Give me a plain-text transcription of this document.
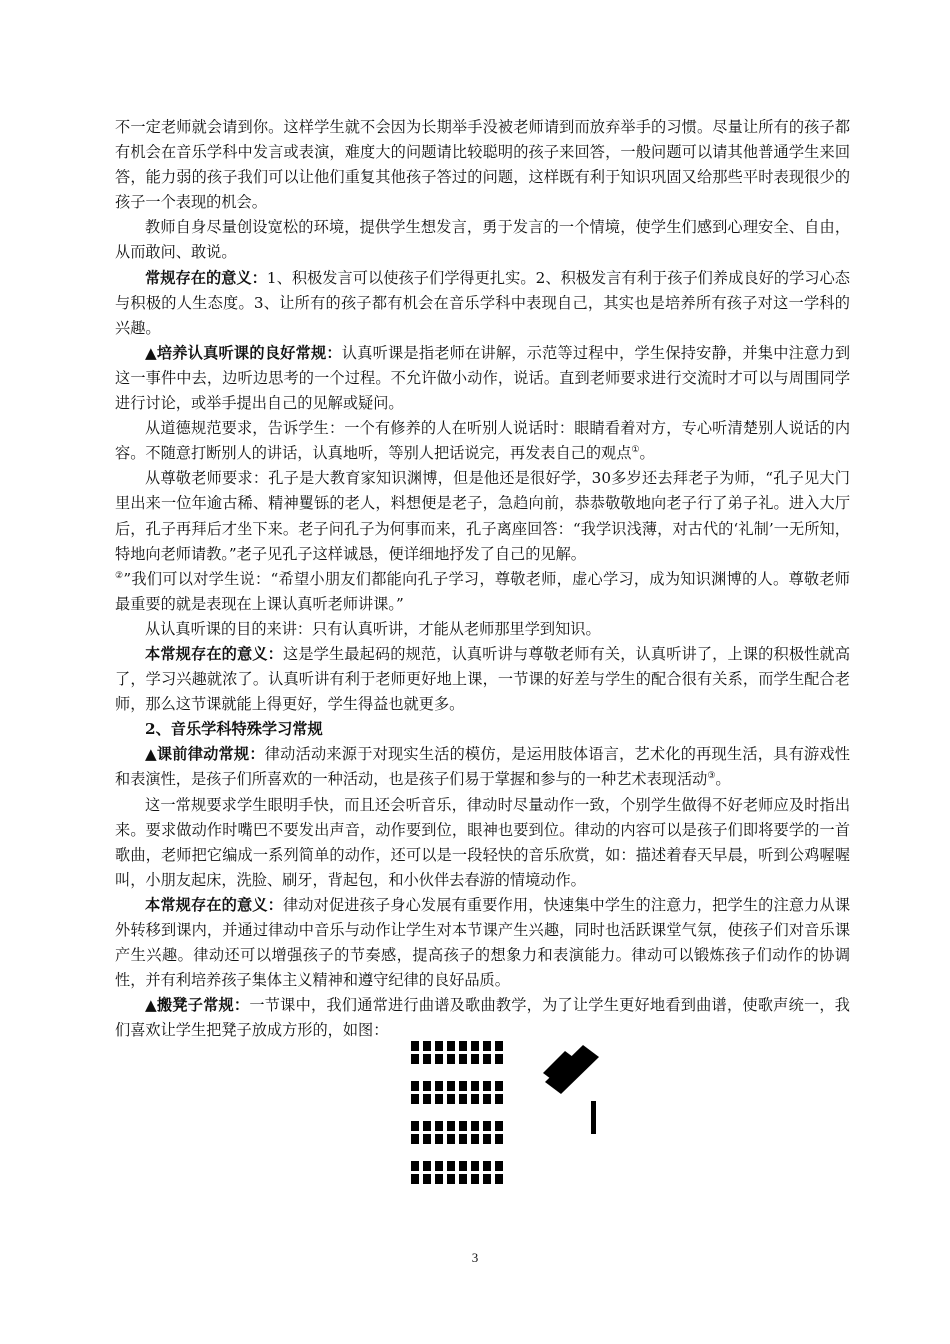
不一定老师就会请到你。这样学生就不会因为长期举手没被老师请到而放弃举手的习惯。尽量让所有的孩子都有机会在音乐学科中发言或表演，难度大的问题请比较聪明的孩子来回答，一般问题可以请其他普通学生来回答，能力弱的孩子我们可以让他们重复其他孩子答过的问题，这样既有利于知识巩固又给那些平时表现很少的孩子一个表现的机会。

教师自身尽量创设宽松的环境，提供学生想发言，勇于发言的一个情境，使学生们感到心理安全、自由，从而敢问、敢说。

常规存在的意义：1、积极发言可以使孩子们学得更扎实。2、积极发言有利于孩子们养成良好的学习心态与积极的人生态度。3、让所有的孩子都有机会在音乐学科中表现自己，其实也是培养所有孩子对这一学科的兴趣。

▲培养认真听课的良好常规：认真听课是指老师在讲解，示范等过程中，学生保持安静，并集中注意力到这一事件中去，边听边思考的一个过程。不允许做小动作，说话。直到老师要求进行交流时才可以与周围同学进行讨论，或举手提出自己的见解或疑问。

从道德规范要求，告诉学生：一个有修养的人在听别人说话时：眼睛看着对方，专心听清楚别人说话的内容。不随意打断别人的讲话，认真地听，等别人把话说完，再发表自己的观点①。

从尊敬老师要求：孔子是大教育家知识渊博，但是他还是很好学，30多岁还去拜老子为师，“孔子见大门里出来一位年逾古稀、精神矍铄的老人，料想便是老子，急趋向前，恭恭敬敬地向老子行了弟子礼。进入大厅后，孔子再拜后才坐下来。老子问孔子为何事而来，孔子离座回答：“我学识浅薄，对古代的‘礼制’一无所知，特地向老师请教。”老子见孔子这样诚恳，便详细地抒发了自己的见解。
②”我们可以对学生说：“希望小朋友们都能向孔子学习，尊敬老师，虚心学习，成为知识渊博的人。尊敬老师最重要的就是表现在上课认真听老师讲课。”

从认真听课的目的来讲：只有认真听讲，才能从老师那里学到知识。

本常规存在的意义：这是学生最起码的规范，认真听讲与尊敬老师有关，认真听讲了，上课的积极性就高了，学习兴趣就浓了。认真听讲有利于老师更好地上课，一节课的好差与学生的配合很有关系，而学生配合老师，那么这节课就能上得更好，学生得益也就更多。

2、音乐学科特殊学习常规

▲课前律动常规：律动活动来源于对现实生活的模仿，是运用肢体语言，艺术化的再现生活，具有游戏性和表演性，是孩子们所喜欢的一种活动，也是孩子们易于掌握和参与的一种艺术表现活动③。

这一常规要求学生眼明手快，而且还会听音乐，律动时尽量动作一致，个别学生做得不好老师应及时指出来。要求做动作时嘴巴不要发出声音，动作要到位，眼神也要到位。律动的内容可以是孩子们即将要学的一首歌曲，老师把它编成一系列简单的动作，还可以是一段轻快的音乐欣赏，如：描述着春天早晨，听到公鸡喔喔叫，小朋友起床，洗脸、刷牙，背起包，和小伙伴去春游的情境动作。

本常规存在的意义：律动对促进孩子身心发展有重要作用，快速集中学生的注意力，把学生的注意力从课外转移到课内，并通过律动中音乐与动作让学生对本节课产生兴趣，同时也活跃课堂气氛，使孩子们对音乐课产生兴趣。律动还可以增强孩子的节奏感，提高孩子的想象力和表演能力。律动可以锻炼孩子们动作的协调性，并有利培养孩子集体主义精神和遵守纪律的良好品质。

▲搬凳子常规：一节课中，我们通常进行曲谱及歌曲教学，为了让学生更好地看到曲谱，使歌声统一，我们喜欢让学生把凳子放成方形的，如图：

3
